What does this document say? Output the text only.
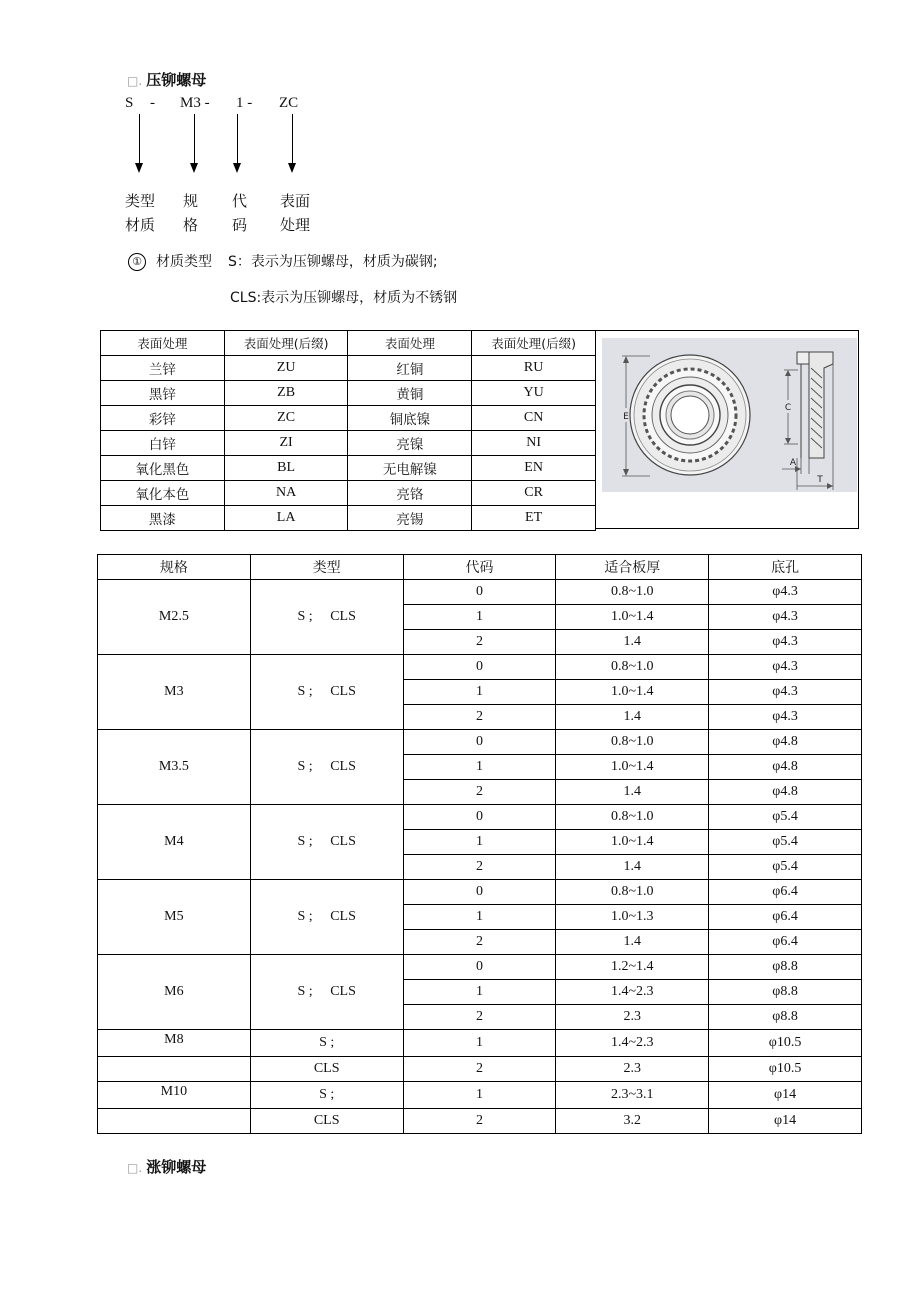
□. 压铆螺母
S - M3 - 1 - ZC
类型
材质
规
格
代
码
表面
处理
① 材质类型 S：表示为压铆螺母，材质为碳钢;
CLS:表示为压铆螺母，材质为不锈钢
表面处理	表面处理(后缀)	表面处理	表面处理(后缀)
兰锌	ZU	红铜	RU
黑锌	ZB	黄铜	YU
彩锌	ZC	铜底镍	CN
白锌	ZI	亮镍	NI
氧化黑色	BL	无电解镍	EN
氧化本色	NA	亮铬	CR
黑漆	LA	亮锡	ET
E
C
A
T
规格	类型	代码	适合板厚	底孔
M2.5	S ;     CLS	0	0.8~1.0	φ4.3
		1	1.0~1.4	φ4.3
		2	1.4	φ4.3
M3	S ;     CLS	0	0.8~1.0	φ4.3
		1	1.0~1.4	φ4.3
		2	1.4	φ4.3
M3.5	S ;     CLS	0	0.8~1.0	φ4.8
		1	1.0~1.4	φ4.8
		2	1.4	φ4.8
M4	S ;     CLS	0	0.8~1.0	φ5.4
		1	1.0~1.4	φ5.4
		2	1.4	φ5.4
M5	S ;     CLS	0	0.8~1.0	φ6.4
		1	1.0~1.3	φ6.4
		2	1.4	φ6.4
M6	S ;     CLS	0	1.2~1.4	φ8.8
		1	1.4~2.3	φ8.8
		2	2.3	φ8.8
M8	S ;	1	1.4~2.3	φ10.5
	CLS	2	2.3	φ10.5
M10	S ;	1	2.3~3.1	φ14
	CLS	2	3.2	φ14
□. 涨铆螺母
